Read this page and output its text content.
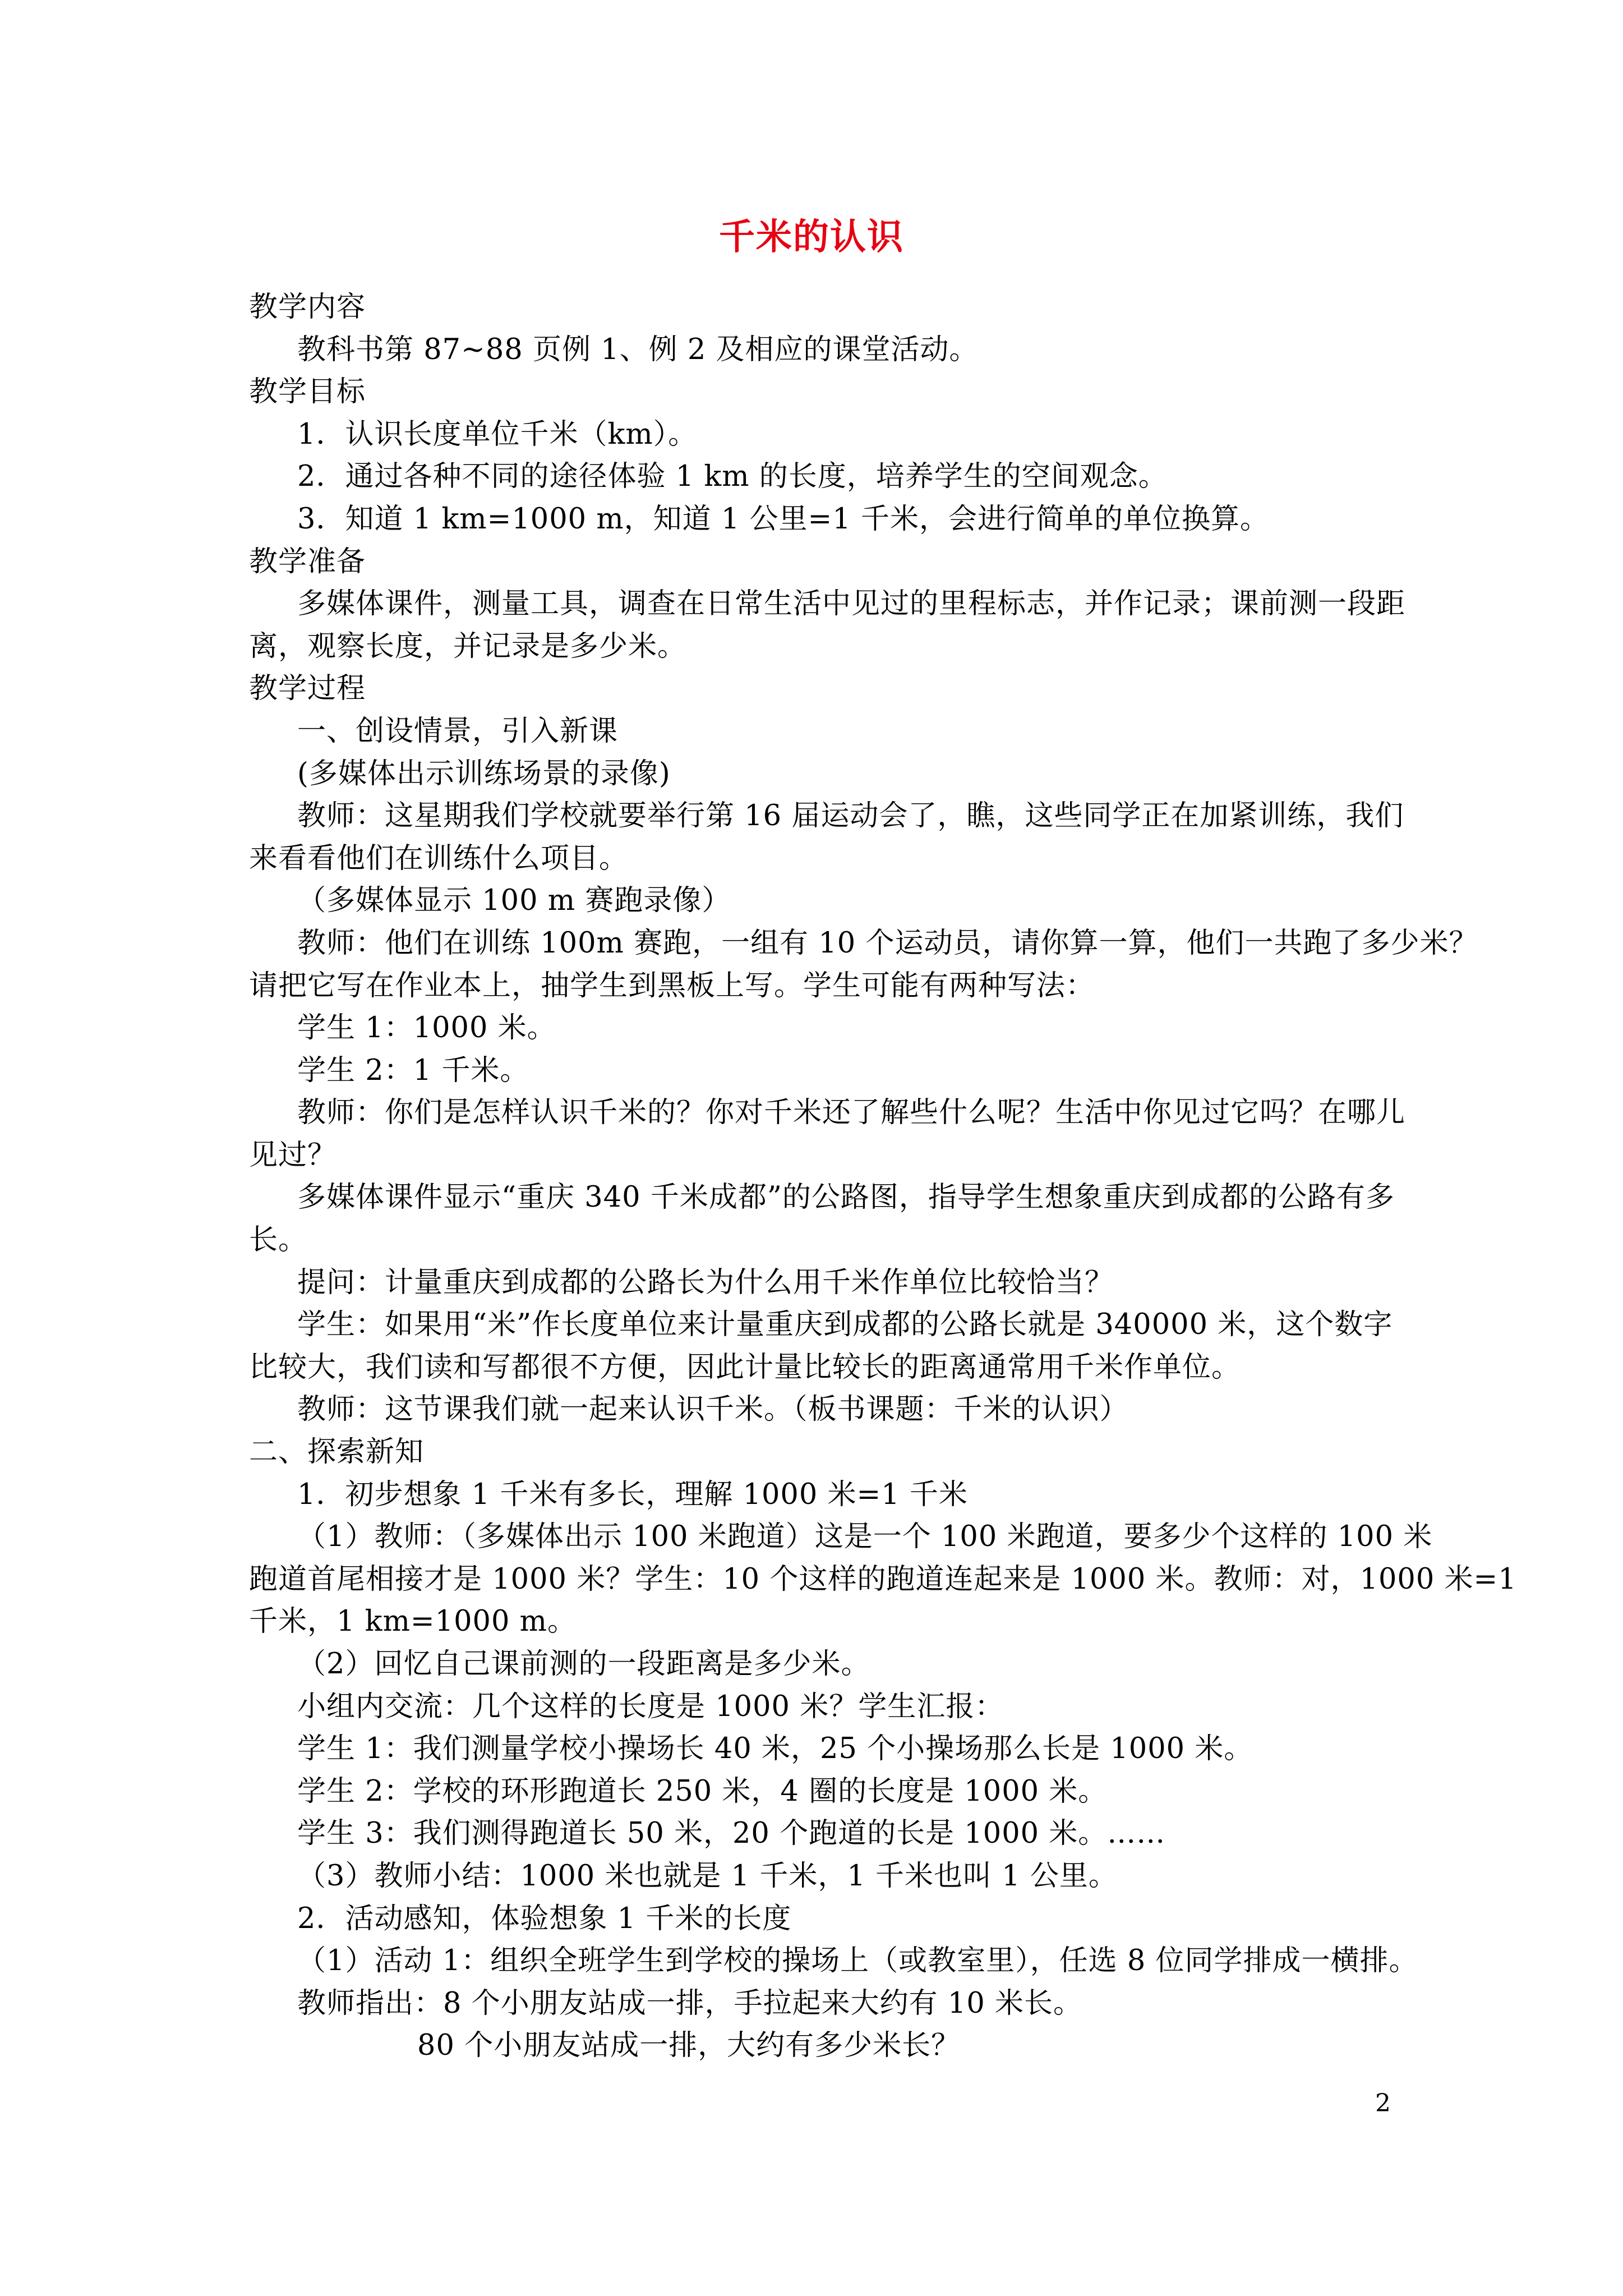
千米的认识
教学内容
教科书第 87~88 页例 1、例 2 及相应的课堂活动。
教学目标
1．认识长度单位千米（km）。
2．通过各种不同的途径体验 1 km 的长度，培养学生的空间观念。
3．知道 1 km=1000 m，知道 1 公里=1 千米，会进行简单的单位换算。
教学准备
多媒体课件，测量工具，调查在日常生活中见过的里程标志，并作记录；课前测一段距
离，观察长度，并记录是多少米。
教学过程
一、创设情景，引入新课
(多媒体出示训练场景的录像)
教师：这星期我们学校就要举行第 16 届运动会了，瞧，这些同学正在加紧训练，我们
来看看他们在训练什么项目。
（多媒体显示 100 m 赛跑录像）
教师：他们在训练 100m 赛跑，一组有 10 个运动员，请你算一算，他们一共跑了多少米？
请把它写在作业本上，抽学生到黑板上写。学生可能有两种写法：
学生 1：1000 米。
学生 2：1 千米。
教师：你们是怎样认识千米的？你对千米还了解些什么呢？生活中你见过它吗？在哪儿
见过？
多媒体课件显示“重庆 340 千米成都”的公路图，指导学生想象重庆到成都的公路有多
长。
提问：计量重庆到成都的公路长为什么用千米作单位比较恰当？
学生：如果用“米”作长度单位来计量重庆到成都的公路长就是 340000 米，这个数字
比较大，我们读和写都很不方便，因此计量比较长的距离通常用千米作单位。
教师：这节课我们就一起来认识千米。（板书课题：千米的认识）
二、探索新知
1．初步想象 1 千米有多长，理解 1000 米=1 千米
（1）教师：（多媒体出示 100 米跑道）这是一个 100 米跑道，要多少个这样的 100 米
跑道首尾相接才是 1000 米？学生：10 个这样的跑道连起来是 1000 米。教师：对，1000 米=1
千米，1 km=1000 m。
（2）回忆自己课前测的一段距离是多少米。
小组内交流：几个这样的长度是 1000 米？学生汇报：
学生 1：我们测量学校小操场长 40 米，25 个小操场那么长是 1000 米。
学生 2：学校的环形跑道长 250 米，4 圈的长度是 1000 米。
学生 3：我们测得跑道长 50 米，20 个跑道的长是 1000 米。……
（3）教师小结：1000 米也就是 1 千米，1 千米也叫 1 公里。
2．活动感知，体验想象 1 千米的长度
（1）活动 1：组织全班学生到学校的操场上（或教室里），任选 8 位同学排成一横排。
教师指出：8 个小朋友站成一排，手拉起来大约有 10 米长。
80 个小朋友站成一排，大约有多少米长？
2
